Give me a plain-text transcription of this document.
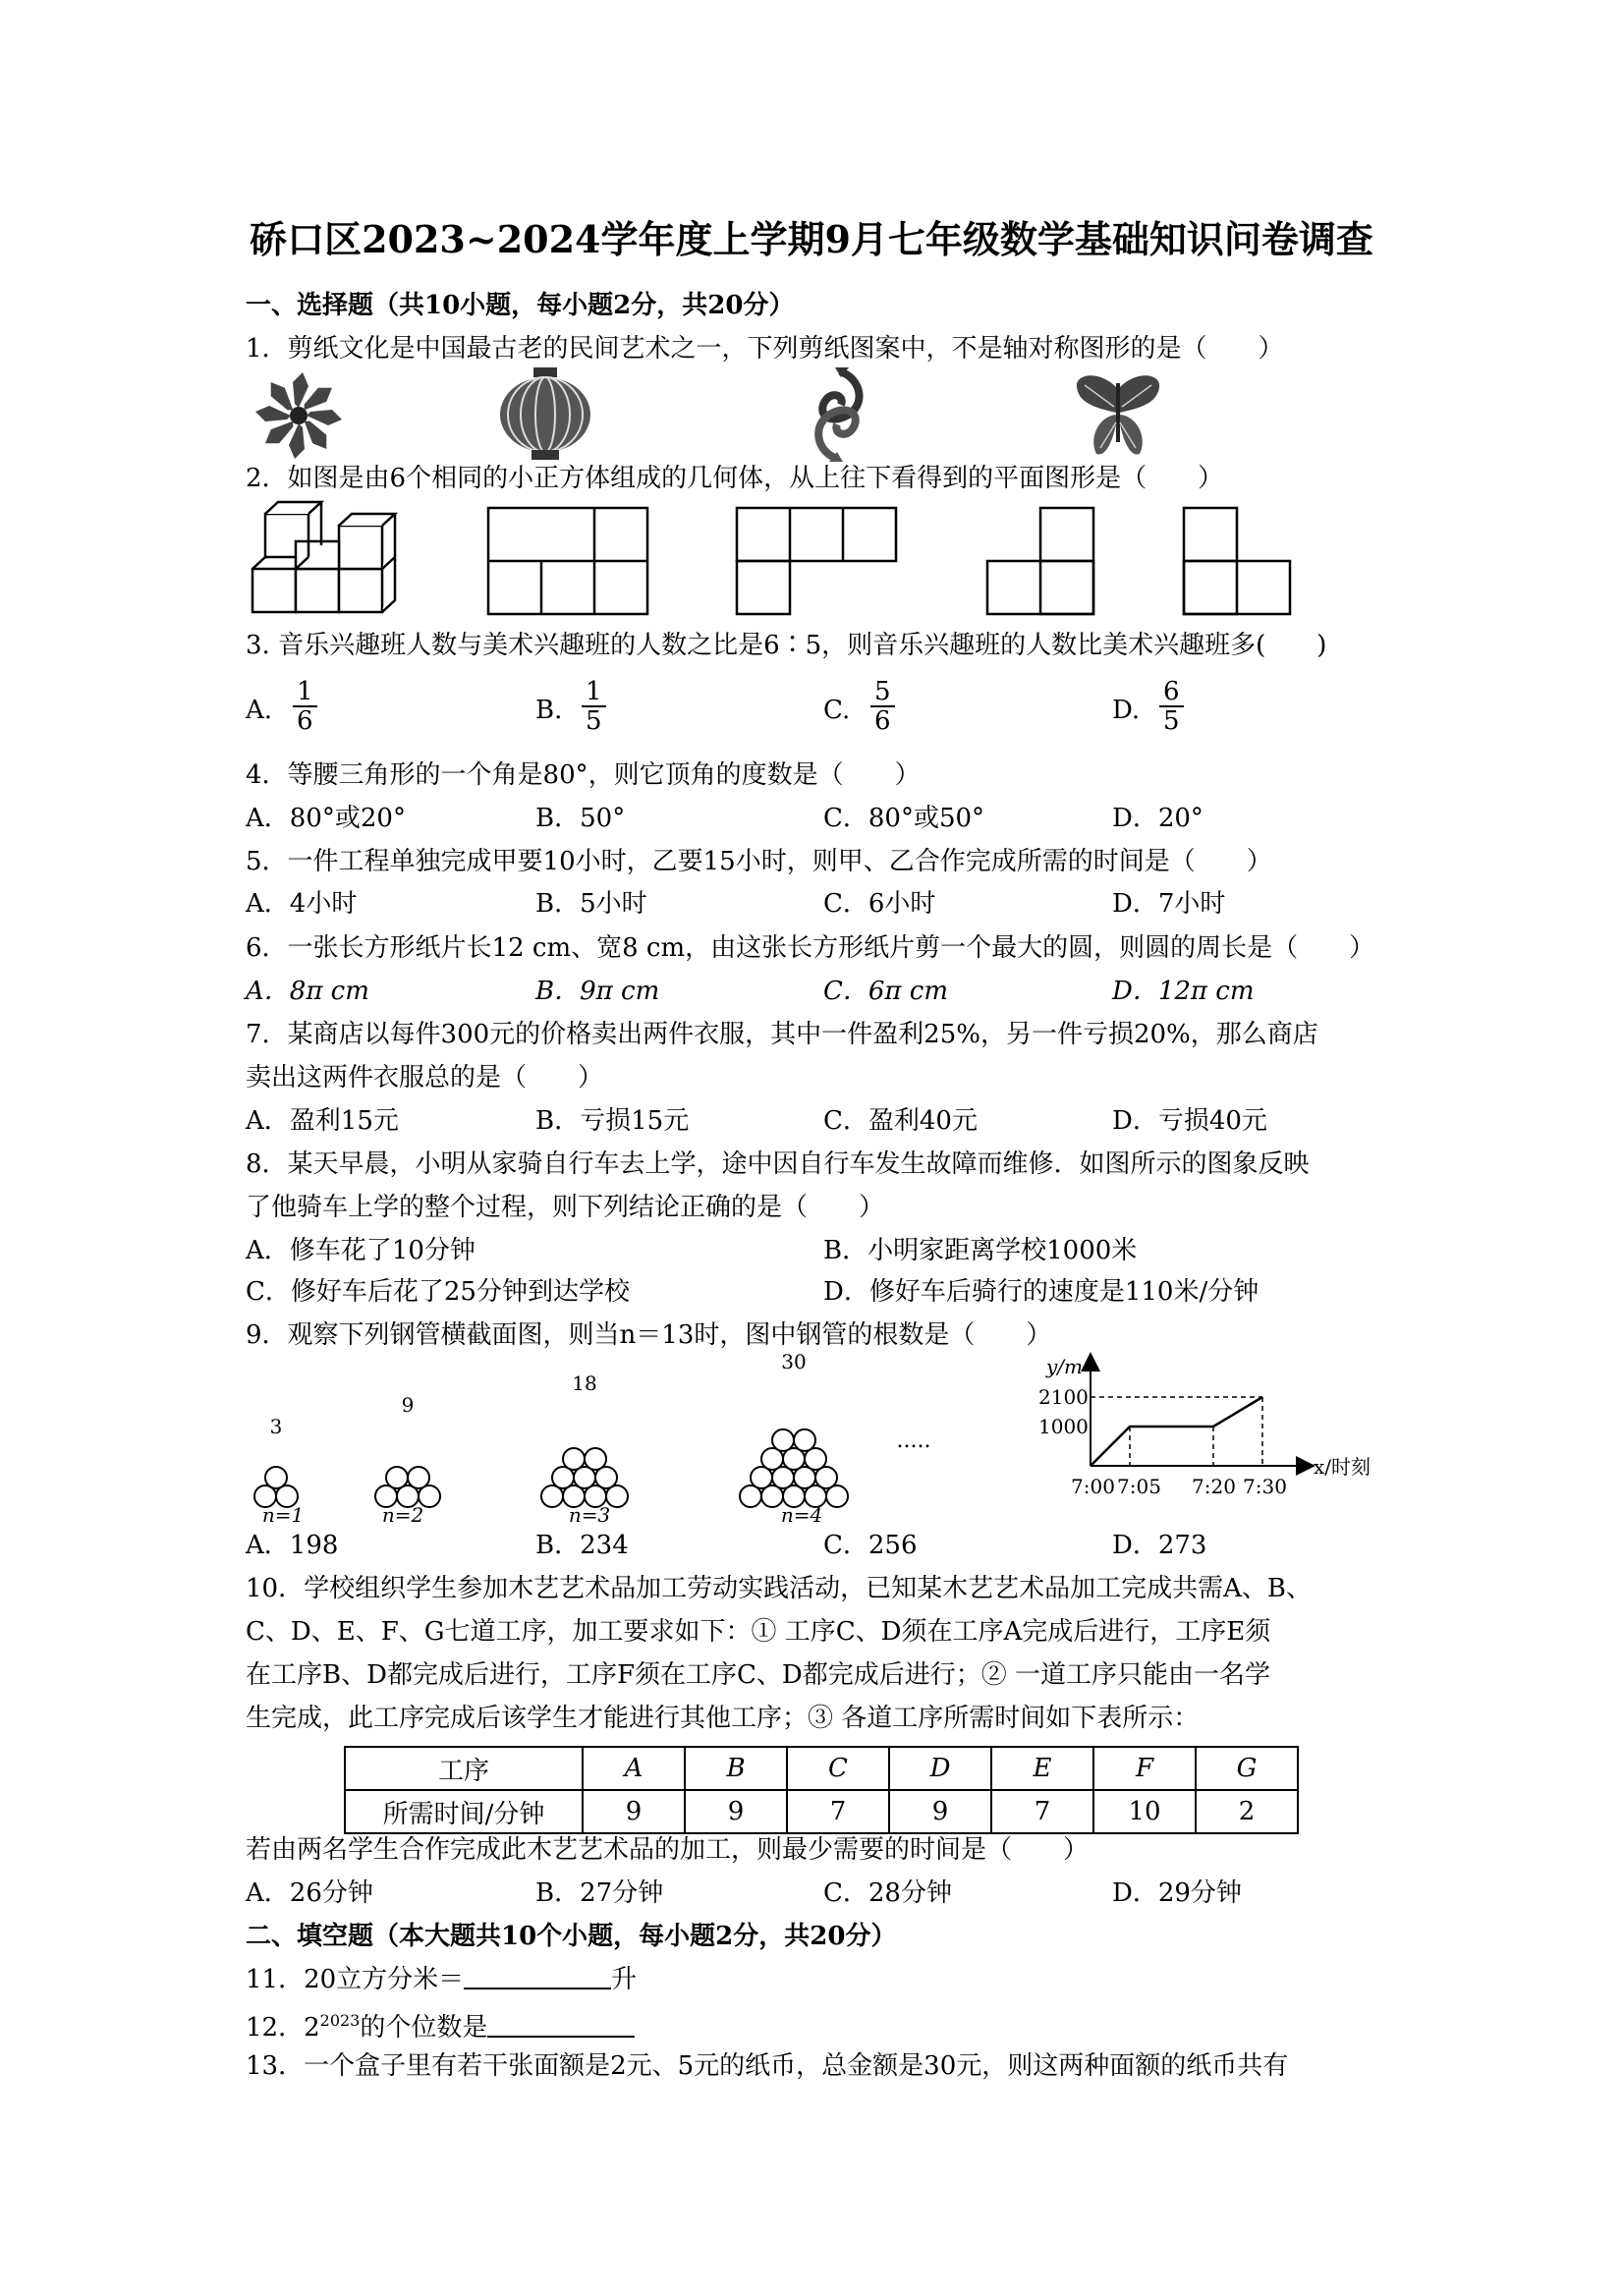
硚口区2023~2024学年度上学期9月七年级数学基础知识问卷调查
一、选择题（共10小题，每小题2分，共20分）
1．剪纸文化是中国最古老的民间艺术之一，下列剪纸图案中，不是轴对称图形的是（　　）
2．如图是由6个相同的小正方体组成的几何体，从上往下看得到的平面图形是（　　）
3. 音乐兴趣班人数与美术兴趣班的人数之比是6∶5，则音乐兴趣班的人数比美术兴趣班多(　　)
A. $\frac{1}{6}$	B. $\frac{1}{5}$	C. $\frac{5}{6}$	D. $\frac{6}{5}$
4．等腰三角形的一个角是80°，则它顶角的度数是（　　）
A．80°或20°	B．50°	C．80°或50°	D．20°
5．一件工程单独完成甲要10小时，乙要15小时，则甲、乙合作完成所需的时间是（　　）
A．4小时	B．5小时	C．6小时	D．7小时
6．一张长方形纸片长12 cm、宽8 cm，由这张长方形纸片剪一个最大的圆，则圆的周长是（　　）
A．8π cm	B．9π cm	C．6π cm	D．12π cm
7．某商店以每件300元的价格卖出两件衣服，其中一件盈利25%，另一件亏损20%，那么商店
卖出这两件衣服总的是（　　）
A．盈利15元	B．亏损15元	C．盈利40元	D．亏损40元
8．某天早晨，小明从家骑自行车去上学，途中因自行车发生故障而维修．如图所示的图象反映
了他骑车上学的整个过程，则下列结论正确的是（　　）
A．修车花了10分钟	B．小明家距离学校1000米
C．修好车后花了25分钟到达学校	D．修好车后骑行的速度是110米/分钟
9．观察下列钢管横截面图，则当n＝13时，图中钢管的根数是（　　）
3
9
18
30
.....
n=1	n=2	n=3	n=4
y/m
2100
1000
x/时刻
7:00 7:05 7:20 7:30
A．198	B．234	C．256	D．273
10．学校组织学生参加木艺艺术品加工劳动实践活动，已知某木艺艺术品加工完成共需A、B、
C、D、E、F、G七道工序，加工要求如下：① 工序C、D须在工序A完成后进行，工序E须
在工序B、D都完成后进行，工序F须在工序C、D都完成后进行；② 一道工序只能由一名学
生完成，此工序完成后该学生才能进行其他工序；③ 各道工序所需时间如下表所示：
工序	A	B	C	D	E	F	G
所需时间/分钟	9	9	7	9	7	10	2
若由两名学生合作完成此木艺艺术品的加工，则最少需要的时间是（　　）
A．26分钟	B．27分钟	C．28分钟	D．29分钟
二、填空题（本大题共10个小题，每小题2分，共20分）
11．20立方分米＝	升
12．$2^{2023}$的个位数是
13．一个盒子里有若干张面额是2元、5元的纸币，总金额是30元，则这两种面额的纸币共有
